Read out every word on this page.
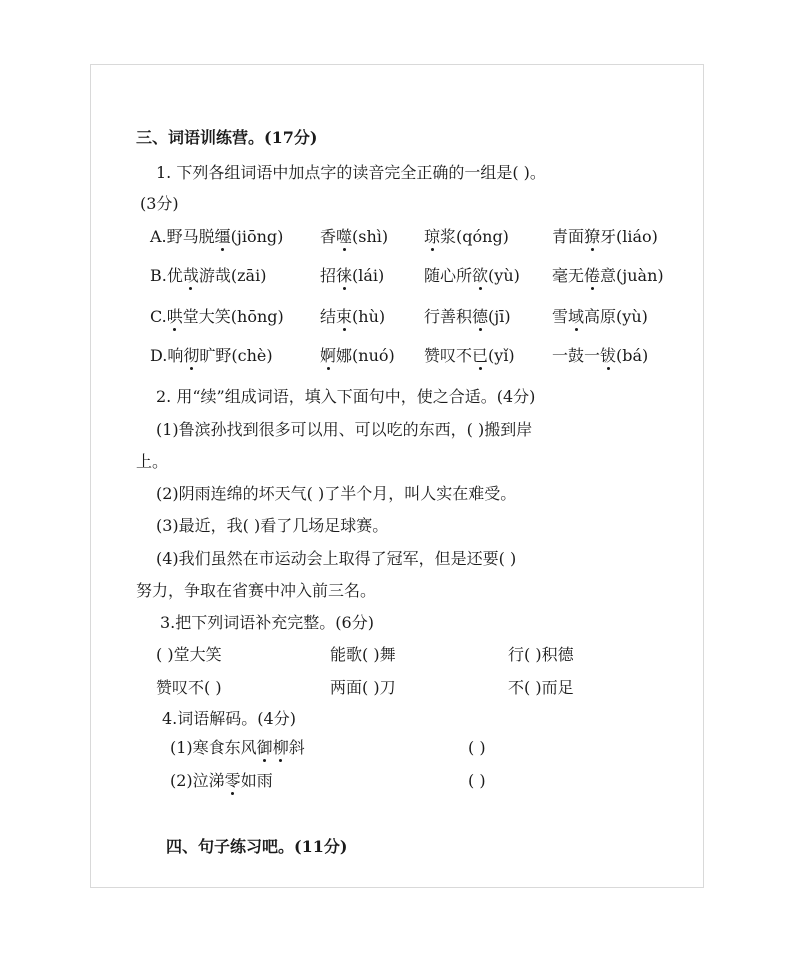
三、词语训练营。(17分)
1. 下列各组词语中加点字的读音完全正确的一组是( )。
(3分)
A.野马脱缰(jiōng) 香噬(shì) 琼浆(qóng)	青面獠牙(liáo)
B.优哉游哉(zāi)	招徕(lái) 随心所欲(yù) 毫无倦意(juàn)
C.哄堂大笑(hōng) 结束(hù) 行善积德(jī)	雪域高原(yù)
D.响彻旷野(chè)	婀娜(nuó) 赞叹不已(yǐ) 一鼓一钹(bá)
2. 用“续”组成词语，填入下面句中，使之合适。(4分)
(1)鲁滨孙找到很多可以用、可以吃的东西，( )搬到岸
上。
(2)阴雨连绵的坏天气( )了半个月，叫人实在难受。
(3)最近，我( )看了几场足球赛。
(4)我们虽然在市运动会上取得了冠军，但是还要( )
努力，争取在省赛中冲入前三名。
3.把下列词语补充完整。(6分)
( )堂大笑	能歌( )舞	行( )积德
赞叹不( )	两面( )刀	不( )而足
4.词语解码。(4分)
(1)寒食东风御柳斜	( )
(2)泣涕零如雨	( )
四、句子练习吧。(11分)
